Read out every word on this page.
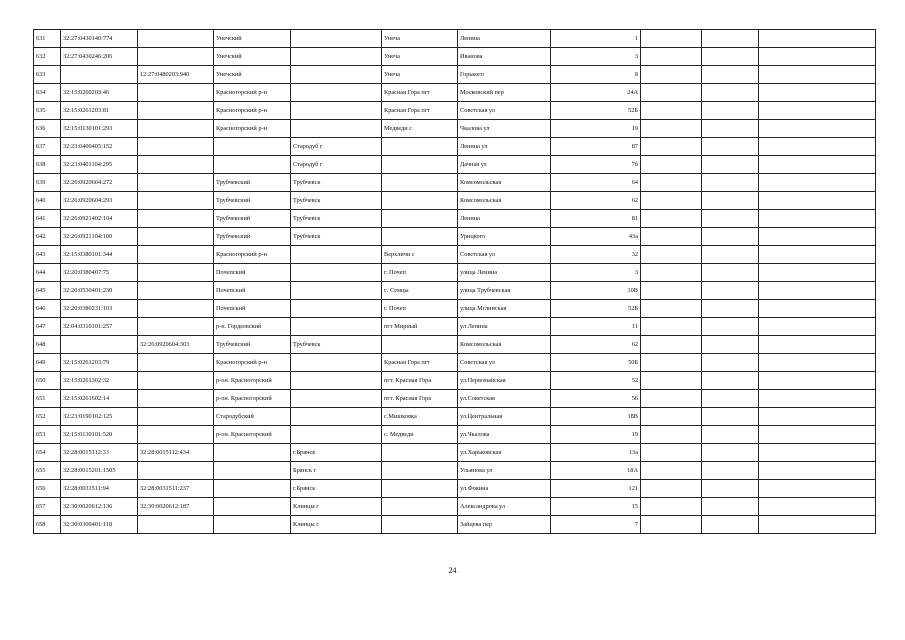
631	32:27:0430140:774		Унечский		Унеча	Ленина	1			
632	32:27:0430246:206		Унечский		Унеча	Иванова	3			
633		12:27:0480203:940	Унечский		Унеча	Горького	8			
634	32:15:0260203:46		Красногорский р-н		Красная Гора пгт	Московский пер	24А			
635	32:15:0261203:81		Красногорский р-н		Красная Гора пгт	Советская ул	52Б			
636	32:15:0130101:293		Красногорский р-н		Медведи с	Чкалова ул	19			
637	32:23:0400405:152			Стародуб г		Ленина ул	87			
638	32:23:0401104:295			Стародуб г		Дачная ул	7б			
639	32:26:0920604:272		Трубчевский	Трубчевск		Комсомольская	64			
640	32:26:0920604:293		Трубчевский	Трубчевск		Комсомольская	62			
641	32:26:0921402:104		Трубчевский	Трубчевск		Ленина	81			
642	32:26:0921104:100		Трубчевский	Трубчевск		Урицкого	43а			
643	32:15:0380101:344		Красногорский р-н		Верхличи с	Советская ул	32			
644	32:20:0380407:75		Почепский		г. Почеп	улица Ленина	3			
645	32:20:0530401:230		Почепский		с. Семцы	улица Трубчевская	10В			
646	32:20:0380231:103		Почепский		г. Почеп	улица Мглинская	52Б			
647	32:04:0310101:257		р-н. Гордеевский		пгт Мирный	ул Ленина	11			
648		32:26:0920604:303	Трубчевский	Трубчевск		Комсомольская	62			
649	32:15:0261203:79		Красногорский р-н		Красная Гора пгт	Советская ул	50Б			
650	32:15:0261302:32		р-он. Красногорский		пгт. Красная Гора	ул.Первомайская	52			
651	32:15:0261602:14		р-он. Красногорский		пгт. Красная Гора	ул.Советская	56			
652	32:23:0190102:125		Стародубский		с.Мишковка	ул.Центральная	18В			
653	32:15:0130101:520		р-он. Красногорский		с. Медведи	ул.Чкалова	19			
654	32:28:0015112:33	32:28:0015112:434		г.Брянск		ул.Харьковская	13а			
655	32:28:0015201:1505			Брянск г		Ульянова ул	18А			
656	32:28:0031511:94	32:28:0031511:237		г.Брянск		ул.Фокина	121			
657	32:30:0020612:136	32:30:0020612:187		Клинцы г		Александрова ул	15			
658	32:30:0300401:118			Клинцы г		Зайцева пер	7			
24
